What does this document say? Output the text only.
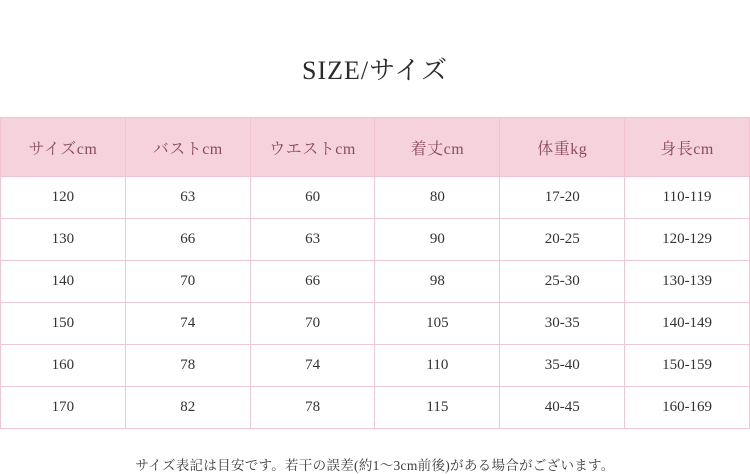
SIZE/サイズ
サイズcm	バストcm	ウエストcm	着丈cm	体重kg	身長cm
120	63	60	80	17-20	110-119
130	66	63	90	20-25	120-129
140	70	66	98	25-30	130-139
150	74	70	105	30-35	140-149
160	78	74	110	35-40	150-159
170	82	78	115	40-45	160-169
サイズ表記は目安です。若干の誤差(約1〜3cm前後)がある場合がございます。
